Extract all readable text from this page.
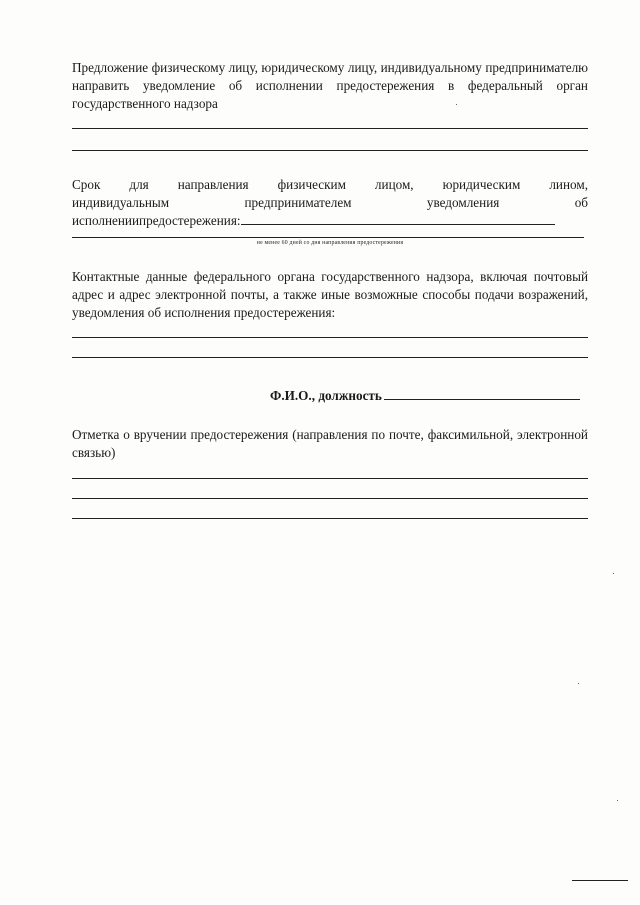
Предложение физическому лицу, юридическому лицу, индивидуальному предпринимателю направить уведомление об исполнении предостережения в федеральный орган государственного надзора
Срок для направления физическим лицом, юридическим лином,
индивидуальным предпринимателем уведомления об
исполнениипредостережения:
не менее 60 дней со дня направления предостережения
Контактные данные федерального органа государственного надзора, включая почтовый адрес и адрес электронной почты, а также иные возможные способы подачи возражений, уведомления об исполнения предостережения:
Ф.И.О., должность
Отметка о вручении предостережения (направления по почте, факсимильной, электронной связью)
